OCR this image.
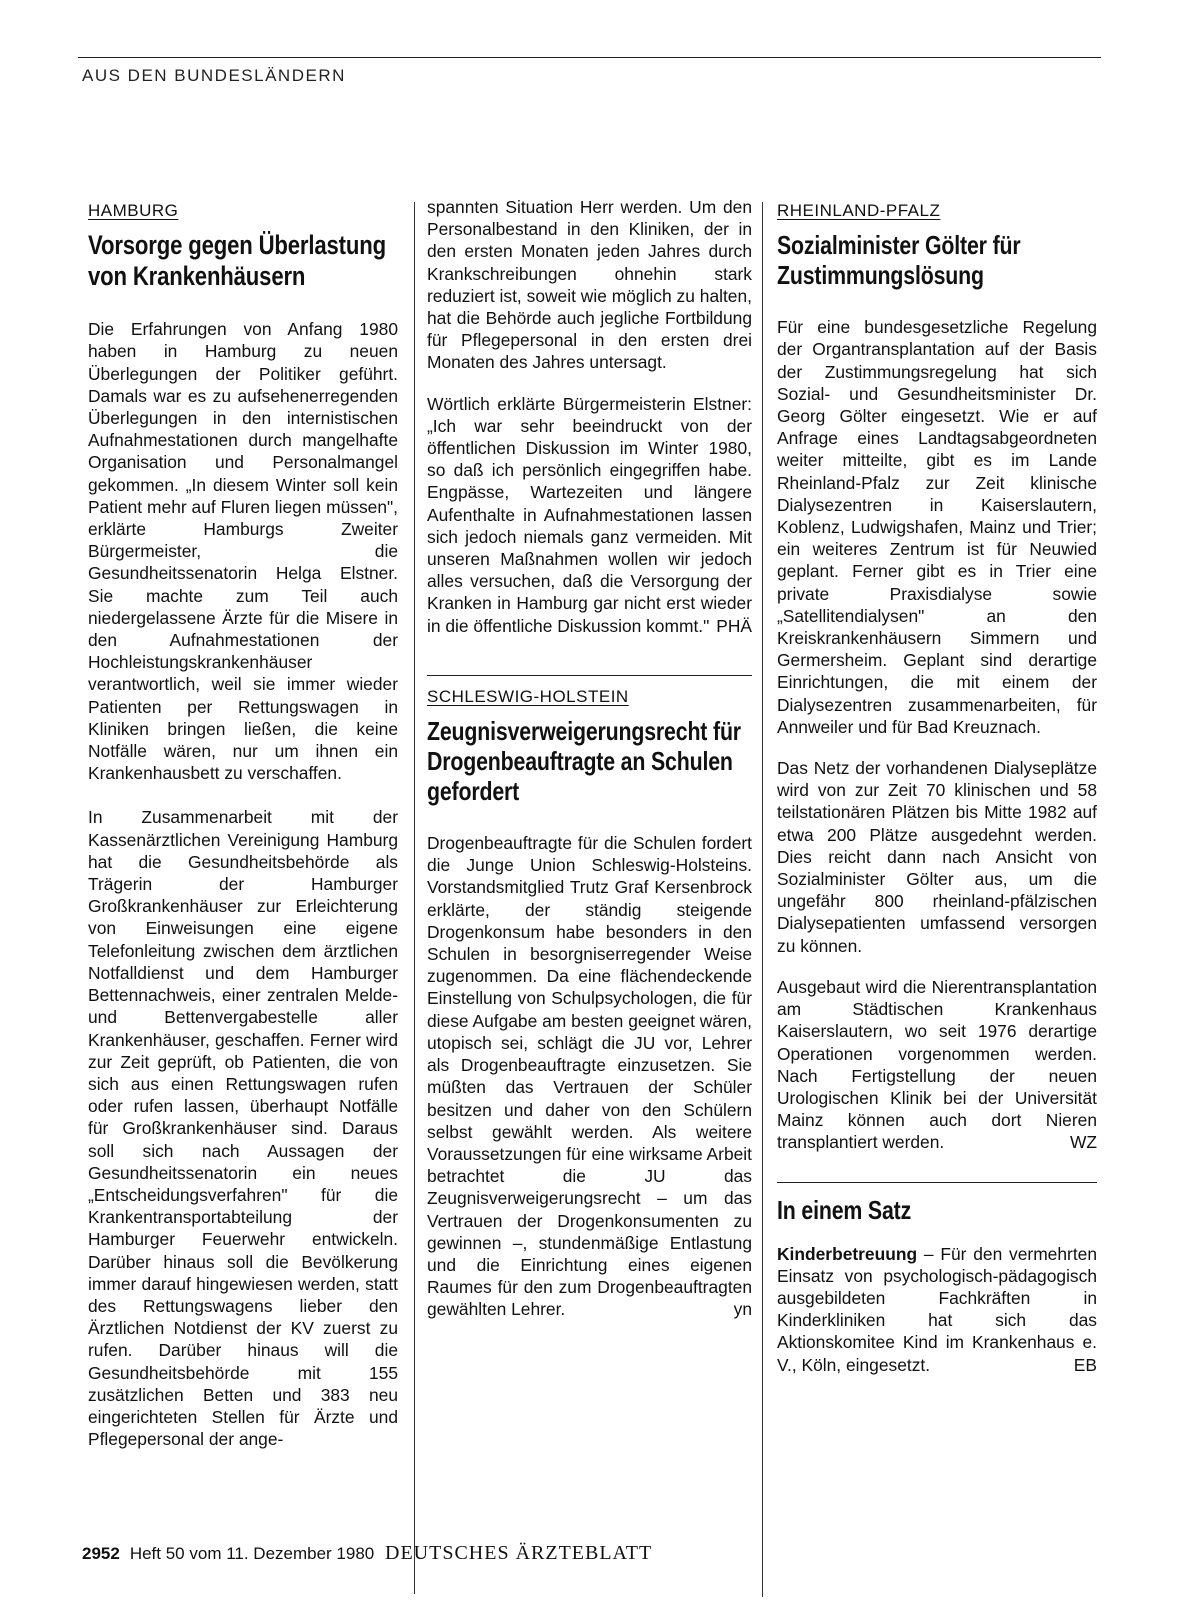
AUS DEN BUNDESLÄNDERN
HAMBURG
Vorsorge gegen Überlastung von Krankenhäusern

Die Erfahrungen von Anfang 1980 haben in Hamburg zu neuen Überlegungen der Politiker geführt. Damals war es zu aufsehenerregenden Überlegungen in den internistischen Aufnahmestationen durch mangelhafte Organisation und Personalmangel gekommen. „In diesem Winter soll kein Patient mehr auf Fluren liegen müssen", erklärte Hamburgs Zweiter Bürgermeister, die Gesundheitssenatorin Helga Elstner. Sie machte zum Teil auch niedergelassene Ärzte für die Misere in den Aufnahmestationen der Hochleistungskrankenhäuser verantwortlich, weil sie immer wieder Patienten per Rettungswagen in Kliniken bringen ließen, die keine Notfälle wären, nur um ihnen ein Krankenhausbett zu verschaffen.

In Zusammenarbeit mit der Kassenärztlichen Vereinigung Hamburg hat die Gesundheitsbehörde als Trägerin der Hamburger Großkrankenhäuser zur Erleichterung von Einweisungen eine eigene Telefonleitung zwischen dem ärztlichen Notfalldienst und dem Hamburger Bettennachweis, einer zentralen Melde- und Bettenvergabestelle aller Krankenhäuser, geschaffen. Ferner wird zur Zeit geprüft, ob Patienten, die von sich aus einen Rettungswagen rufen oder rufen lassen, überhaupt Notfälle für Großkrankenhäuser sind. Daraus soll sich nach Aussagen der Gesundheitssenatorin ein neues „Entscheidungsverfahren" für die Krankentransportabteilung der Hamburger Feuerwehr entwickeln. Darüber hinaus soll die Bevölkerung immer darauf hingewiesen werden, statt des Rettungswagens lieber den Ärztlichen Notdienst der KV zuerst zu rufen. Darüber hinaus will die Gesundheitsbehörde mit 155 zusätzlichen Betten und 383 neu eingerichteten Stellen für Ärzte und Pflegepersonal der ange-

spannten Situation Herr werden. Um den Personalbestand in den Kliniken, der in den ersten Monaten jeden Jahres durch Krankschreibungen ohnehin stark reduziert ist, soweit wie möglich zu halten, hat die Behörde auch jegliche Fortbildung für Pflegepersonal in den ersten drei Monaten des Jahres untersagt.

Wörtlich erklärte Bürgermeisterin Elstner: „Ich war sehr beeindruckt von der öffentlichen Diskussion im Winter 1980, so daß ich persönlich eingegriffen habe. Engpässe, Wartezeiten und längere Aufenthalte in Aufnahmestationen lassen sich jedoch niemals ganz vermeiden. Mit unseren Maßnahmen wollen wir jedoch alles versuchen, daß die Versorgung der Kranken in Hamburg gar nicht erst wieder in die öffentliche Diskussion kommt." PHÄ

SCHLESWIG-HOLSTEIN
Zeugnisverweigerungsrecht für Drogenbeauftragte an Schulen gefordert

Drogenbeauftragte für die Schulen fordert die Junge Union Schleswig-Holsteins. Vorstandsmitglied Trutz Graf Kersenbrock erklärte, der ständig steigende Drogenkonsum habe besonders in den Schulen in besorgniserregender Weise zugenommen. Da eine flächendeckende Einstellung von Schulpsychologen, die für diese Aufgabe am besten geeignet wären, utopisch sei, schlägt die JU vor, Lehrer als Drogenbeauftragte einzusetzen. Sie müßten das Vertrauen der Schüler besitzen und daher von den Schülern selbst gewählt werden. Als weitere Voraussetzungen für eine wirksame Arbeit betrachtet die JU das Zeugnisverweigerungsrecht – um das Vertrauen der Drogenkonsumenten zu gewinnen –, stundenmäßige Entlastung und die Einrichtung eines eigenen Raumes für den zum Drogenbeauftragten gewählten Lehrer.	yn

RHEINLAND-PFALZ
Sozialminister Gölter für Zustimmungslösung

Für eine bundesgesetzliche Regelung der Organtransplantation auf der Basis der Zustimmungsregelung hat sich Sozial- und Gesundheitsminister Dr. Georg Gölter eingesetzt. Wie er auf Anfrage eines Landtagsabgeordneten weiter mitteilte, gibt es im Lande Rheinland-Pfalz zur Zeit klinische Dialysezentren in Kaiserslautern, Koblenz, Ludwigshafen, Mainz und Trier; ein weiteres Zentrum ist für Neuwied geplant. Ferner gibt es in Trier eine private Praxisdialyse sowie „Satellitendialysen" an den Kreiskrankenhäusern Simmern und Germersheim. Geplant sind derartige Einrichtungen, die mit einem der Dialysezentren zusammenarbeiten, für Annweiler und für Bad Kreuznach.

Das Netz der vorhandenen Dialyseplätze wird von zur Zeit 70 klinischen und 58 teilstationären Plätzen bis Mitte 1982 auf etwa 200 Plätze ausgedehnt werden. Dies reicht dann nach Ansicht von Sozialminister Gölter aus, um die ungefähr 800 rheinland-pfälzischen Dialysepatienten umfassend versorgen zu können.

Ausgebaut wird die Nierentransplantation am Städtischen Krankenhaus Kaiserslautern, wo seit 1976 derartige Operationen vorgenommen werden. Nach Fertigstellung der neuen Urologischen Klinik bei der Universität Mainz können auch dort Nieren transplantiert werden.	WZ

In einem Satz

Kinderbetreuung – Für den vermehrten Einsatz von psychologisch-pädagogisch ausgebildeten Fachkräften in Kinderkliniken hat sich das Aktionskomitee Kind im Krankenhaus e. V., Köln, eingesetzt.	EB

2952 Heft 50 vom 11. Dezember 1980 DEUTSCHES ÄRZTEBLATT
